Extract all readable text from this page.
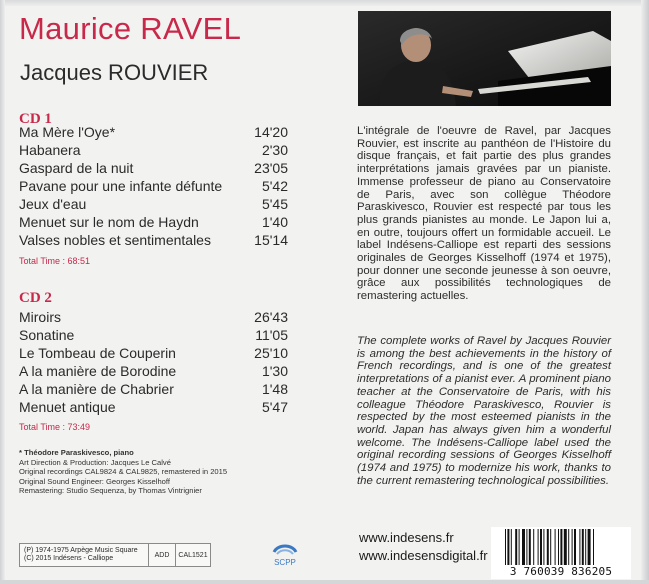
Maurice RAVEL
Jacques ROUVIER
CD 1
Ma Mère l'Oye*	14'20
Habanera	2'30
Gaspard de la nuit	23'05
Pavane pour une infante défunte	5'42
Jeux d'eau	5'45
Menuet sur le nom de Haydn	1'40
Valses nobles et sentimentales	15'14
Total Time : 68:51
CD 2
Miroirs	26'43
Sonatine	11'05
Le Tombeau de Couperin	25'10
A la manière de Borodine	1'30
A la manière de Chabrier	1'48
Menuet antique	5'47
Total Time : 73:49
* Théodore Paraskivesco, piano
Art Direction & Production: Jacques Le Calvé
Original recordings CAL9824 & CAL9825, remastered in 2015
Original Sound Engineer: Georges Kisselhoff
Remastering: Studio Sequenza, by Thomas Vintrignier
L'intégrale de l'oeuvre de Ravel, par Jacques Rouvier, est inscrite au panthéon de l'Histoire du disque français, et fait partie des plus grandes interprétations jamais gravées par un pianiste. Immense professeur de piano au Conservatoire de Paris, avec son collègue Théodore Paraskivesco, Rouvier est respecté par tous les plus grands pianistes au monde. Le Japon lui a, en outre, toujours offert un formidable accueil. Le label Indésens-Calliope est reparti des sessions originales de Georges Kisselhoff (1974 et 1975), pour donner une seconde jeunesse à son oeuvre, grâce aux possibilités technologiques de remastering actuelles.
The complete works of Ravel by Jacques Rouvier is among the best achievements in the history of French recordings, and is one of the greatest interpretations of a pianist ever. A prominent piano teacher at the Conservatoire de Paris, with his colleague Théodore Paraskivesco, Rouvier is respected by the most esteemed pianists in the world. Japan has always given him a wonderful welcome. The Indésens-Calliope label used the original recording sessions of Georges Kisselhoff (1974 and 1975) to modernize his work, thanks to the current remastering technological possibilities.
(P) 1974-1975 Arpège Music Square
(C) 2015 Indésens - Calliope	ADD	CAL1521
SCPP
www.indesens.fr
www.indesensdigital.fr
3 760039 836205
